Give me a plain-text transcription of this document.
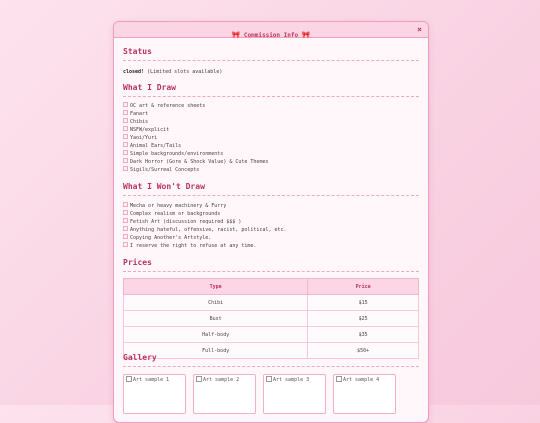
🎀 Commission Info 🎀
×
Status
closed! (Limited slots available)
What I Draw
OC art & reference sheets
Fanart
Chibis
NSFW/explicit
Yaoi/Yuri
Animal Ears/Tails
Simple backgrounds/environments
Dark Horror (Gore & Shock Value) & Cute Themes
Sigils/Surreal Concepts
What I Won't Draw
Mecha or heavy machinery & Furry
Complex realism or backgrounds
Fetish Art (discussion required $$$ )
Anything hateful, offensive, racist, political, etc.
Copying Another's Artstyle.
I reserve the right to refuse at any time.
Prices
Type	Price
Chibi	$15
Bust	$25
Half-body	$35
Full-body	$50+
Gallery
Art sample 1	Art sample 2	Art sample 3	Art sample 4
